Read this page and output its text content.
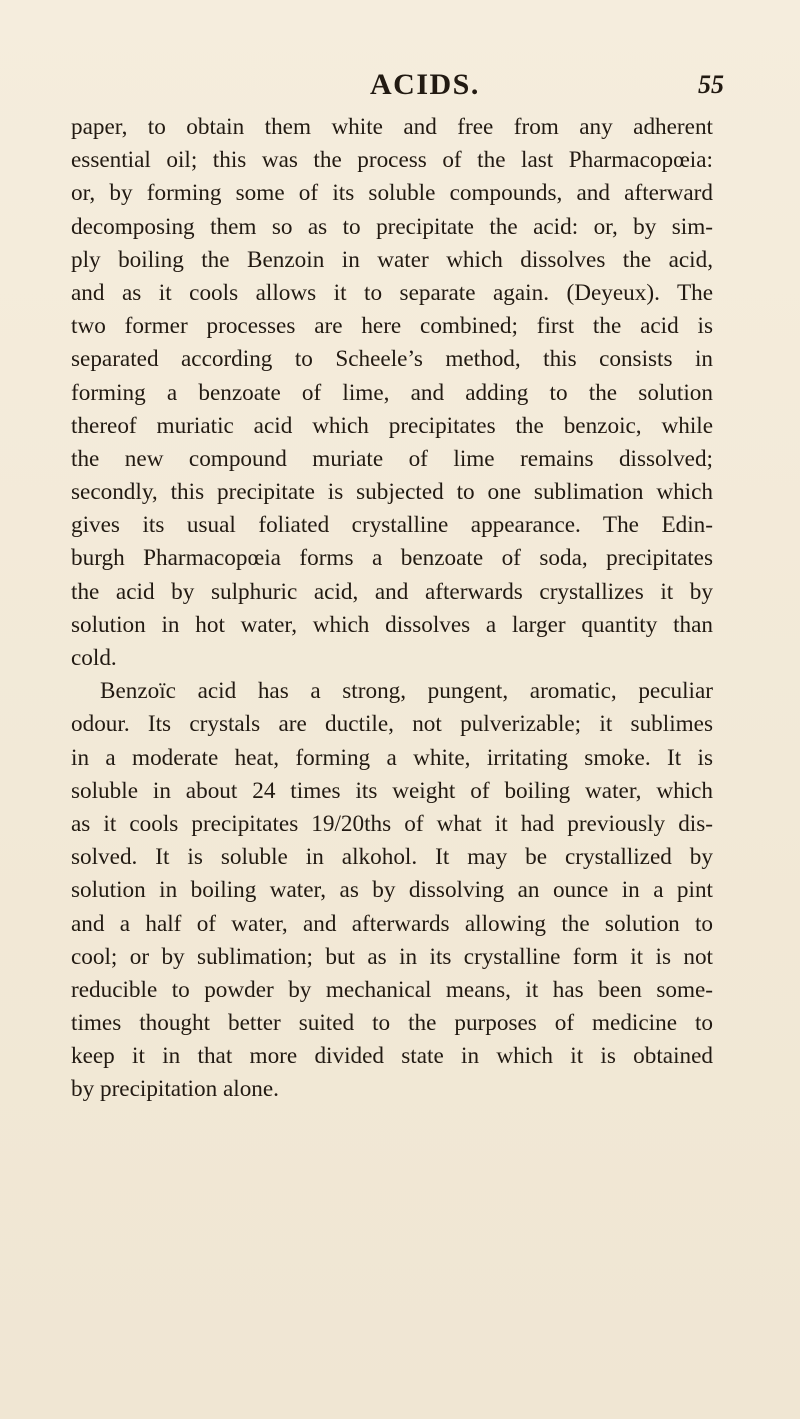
ACIDS.	55
paper, to obtain them white and free from any adherent
essential oil; this was the process of the last Pharmacopœia:
or, by forming some of its soluble compounds, and afterward
decomposing them so as to precipitate the acid: or, by sim-
ply boiling the Benzoin in water which dissolves the acid,
and as it cools allows it to separate again. (Deyeux). The
two former processes are here combined; first the acid is
separated according to Scheele’s method, this consists in
forming a benzoate of lime, and adding to the solution
thereof muriatic acid which precipitates the benzoic, while
the new compound muriate of lime remains dissolved;
secondly, this precipitate is subjected to one sublimation which
gives its usual foliated crystalline appearance. The Edin-
burgh Pharmacopœia forms a benzoate of soda, precipitates
the acid by sulphuric acid, and afterwards crystallizes it by
solution in hot water, which dissolves a larger quantity than
cold.
Benzoïc acid has a strong, pungent, aromatic, peculiar
odour. Its crystals are ductile, not pulverizable; it sublimes
in a moderate heat, forming a white, irritating smoke. It is
soluble in about 24 times its weight of boiling water, which
as it cools precipitates 19/20ths of what it had previously dis-
solved. It is soluble in alkohol. It may be crystallized by
solution in boiling water, as by dissolving an ounce in a pint
and a half of water, and afterwards allowing the solution to
cool; or by sublimation; but as in its crystalline form it is not
reducible to powder by mechanical means, it has been some-
times thought better suited to the purposes of medicine to
keep it in that more divided state in which it is obtained
by precipitation alone.
